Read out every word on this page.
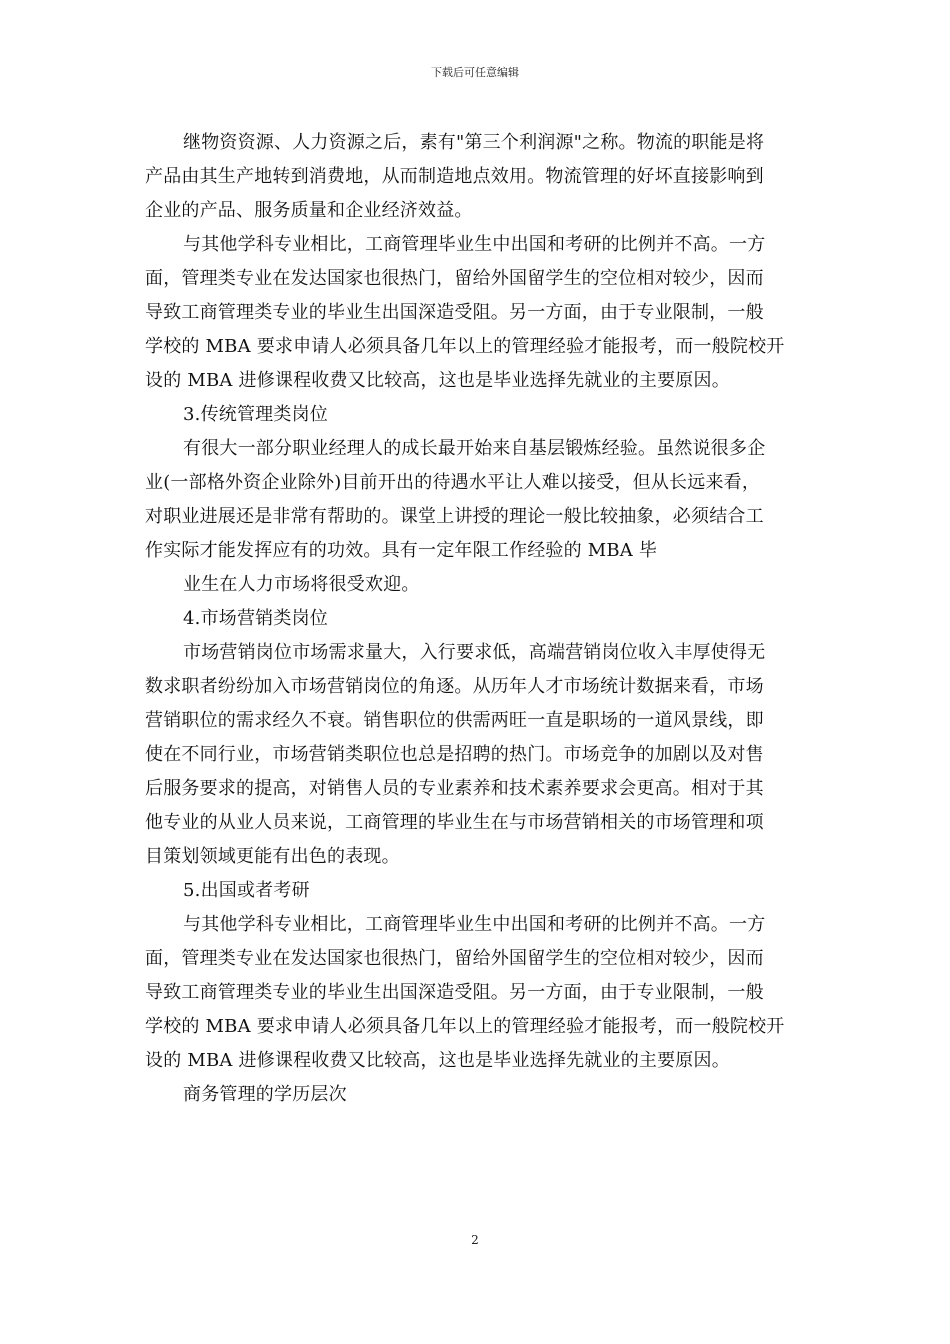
下载后可任意编辑
继物资资源、人力资源之后，素有"第三个利润源"之称。物流的职能是将
产品由其生产地转到消费地，从而制造地点效用。物流管理的好坏直接影响到
企业的产品、服务质量和企业经济效益。
与其他学科专业相比，工商管理毕业生中出国和考研的比例并不高。一方
面，管理类专业在发达国家也很热门，留给外国留学生的空位相对较少，因而
导致工商管理类专业的毕业生出国深造受阻。另一方面，由于专业限制，一般
学校的 MBA 要求申请人必须具备几年以上的管理经验才能报考，而一般院校开
设的 MBA 进修课程收费又比较高，这也是毕业选择先就业的主要原因。
3.传统管理类岗位
有很大一部分职业经理人的成长最开始来自基层锻炼经验。虽然说很多企
业(一部格外资企业除外)目前开出的待遇水平让人难以接受，但从长远来看，
对职业进展还是非常有帮助的。课堂上讲授的理论一般比较抽象，必须结合工
作实际才能发挥应有的功效。具有一定年限工作经验的 MBA 毕
业生在人力市场将很受欢迎。
4.市场营销类岗位
市场营销岗位市场需求量大，入行要求低，高端营销岗位收入丰厚使得无
数求职者纷纷加入市场营销岗位的角逐。从历年人才市场统计数据来看，市场
营销职位的需求经久不衰。销售职位的供需两旺一直是职场的一道风景线，即
使在不同行业，市场营销类职位也总是招聘的热门。市场竞争的加剧以及对售
后服务要求的提高，对销售人员的专业素养和技术素养要求会更高。相对于其
他专业的从业人员来说，工商管理的毕业生在与市场营销相关的市场管理和项
目策划领域更能有出色的表现。
5.出国或者考研
与其他学科专业相比，工商管理毕业生中出国和考研的比例并不高。一方
面，管理类专业在发达国家也很热门，留给外国留学生的空位相对较少，因而
导致工商管理类专业的毕业生出国深造受阻。另一方面，由于专业限制，一般
学校的 MBA 要求申请人必须具备几年以上的管理经验才能报考，而一般院校开
设的 MBA 进修课程收费又比较高，这也是毕业选择先就业的主要原因。
商务管理的学历层次
2
